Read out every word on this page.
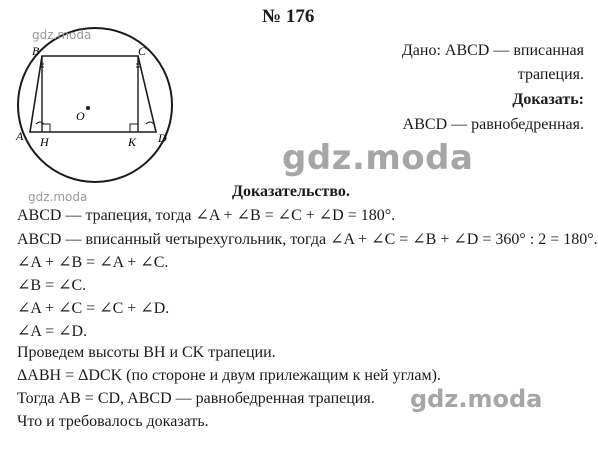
№ 176
B	C
A	D
H	K
O
Дано: ABCD — вписанная
трапеция.
Доказать:
ABCD — равнобедренная.
gdz.moda
gdz.moda
gdz.moda
gdz.moda
Доказательство.
ABCD — трапеция, тогда ∠A + ∠B = ∠C + ∠D = 180°.
ABCD — вписанный четырехугольник, тогда ∠A + ∠C = ∠B + ∠D = 360° : 2 = 180°.
∠A + ∠B = ∠A + ∠C.
∠B = ∠C.
∠A + ∠C = ∠C + ∠D.
∠A = ∠D.
Проведем высоты BH и CK трапеции.
ΔABH = ΔDCK (по стороне и двум прилежащим к ней углам).
Тогда AB = CD, ABCD — равнобедренная трапеция.
Что и требовалось доказать.
